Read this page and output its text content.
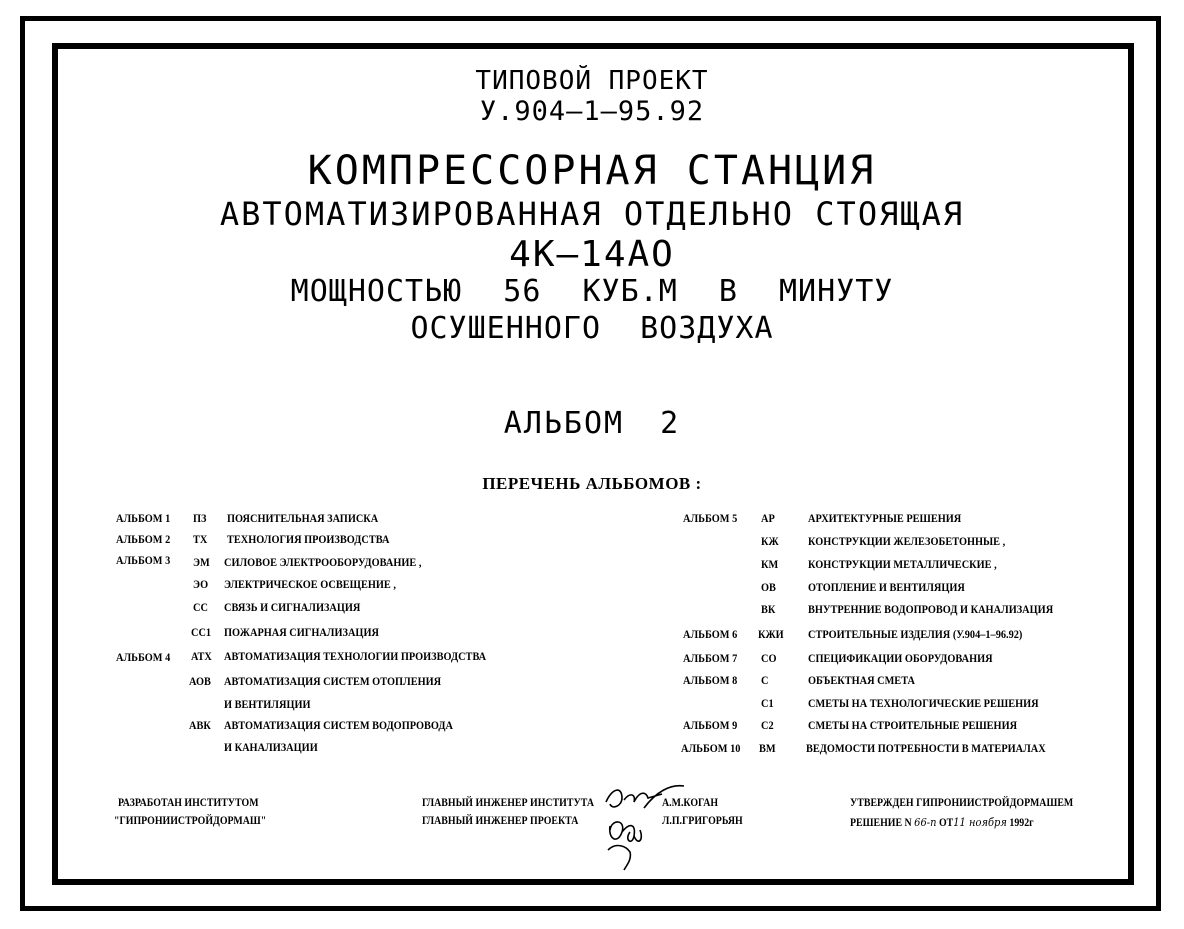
ТИПОВОЙ ПРОЕКТ
У.904–1–95.92
КОМПРЕССОРНАЯ СТАНЦИЯ
АВТОМАТИЗИРОВАННАЯ ОТДЕЛЬНО СТОЯЩАЯ
4К–14АО
МОЩНОСТЬЮ 56 КУБ.М В МИНУТУ
ОСУШЕННОГО ВОЗДУХА
АЛЬБОМ 2
ПЕРЕЧЕНЬ АЛЬБОМОВ :
АЛЬБОМ 1 ПЗ ПОЯСНИТЕЛЬНАЯ ЗАПИСКА
АЛЬБОМ 2 ТХ ТЕХНОЛОГИЯ ПРОИЗВОДСТВА
АЛЬБОМ 3 ЭМ СИЛОВОЕ ЭЛЕКТРООБОРУДОВАНИЕ ,
ЭО ЭЛЕКТРИЧЕСКОЕ ОСВЕЩЕНИЕ ,
СС СВЯЗЬ И СИГНАЛИЗАЦИЯ
СС1 ПОЖАРНАЯ СИГНАЛИЗАЦИЯ
АЛЬБОМ 4 АТХ АВТОМАТИЗАЦИЯ ТЕХНОЛОГИИ ПРОИЗВОДСТВА
АОВ АВТОМАТИЗАЦИЯ СИСТЕМ ОТОПЛЕНИЯ
И ВЕНТИЛЯЦИИ
АВК АВТОМАТИЗАЦИЯ СИСТЕМ ВОДОПРОВОДА
И КАНАЛИЗАЦИИ
АЛЬБОМ 5 АР	АРХИТЕКТУРНЫЕ РЕШЕНИЯ
КЖ КОНСТРУКЦИИ ЖЕЛЕЗОБЕТОННЫЕ ,
КМ КОНСТРУКЦИИ МЕТАЛЛИЧЕСКИЕ ,
ОВ	ОТОПЛЕНИЕ И ВЕНТИЛЯЦИЯ
ВК	ВНУТРЕННИЕ ВОДОПРОВОД И КАНАЛИЗАЦИЯ
АЛЬБОМ 6 КЖИ СТРОИТЕЛЬНЫЕ ИЗДЕЛИЯ (У.904–1–96.92)
АЛЬБОМ 7 СО	СПЕЦИФИКАЦИИ ОБОРУДОВАНИЯ
АЛЬБОМ 8 С	ОБЪЕКТНАЯ СМЕТА
С1	СМЕТЫ НА ТЕХНОЛОГИЧЕСКИЕ РЕШЕНИЯ
АЛЬБОМ 9 С2	СМЕТЫ НА СТРОИТЕЛЬНЫЕ РЕШЕНИЯ
АЛЬБОМ 10 ВМ	ВЕДОМОСТИ ПОТРЕБНОСТИ В МАТЕРИАЛАХ
РАЗРАБОТАН ИНСТИТУТОМ
"ГИПРОНИИСТРОЙДОРМАШ"
ГЛАВНЫЙ ИНЖЕНЕР ИНСТИТУТА
ГЛАВНЫЙ ИНЖЕНЕР ПРОЕКТА
А.М.КОГАН
Л.П.ГРИГОРЬЯН
УТВЕРЖДЕН ГИПРОНИИСТРОЙДОРМАШЕМ
РЕШЕНИЕ N 66-п ОТ11 ноября 1992г
